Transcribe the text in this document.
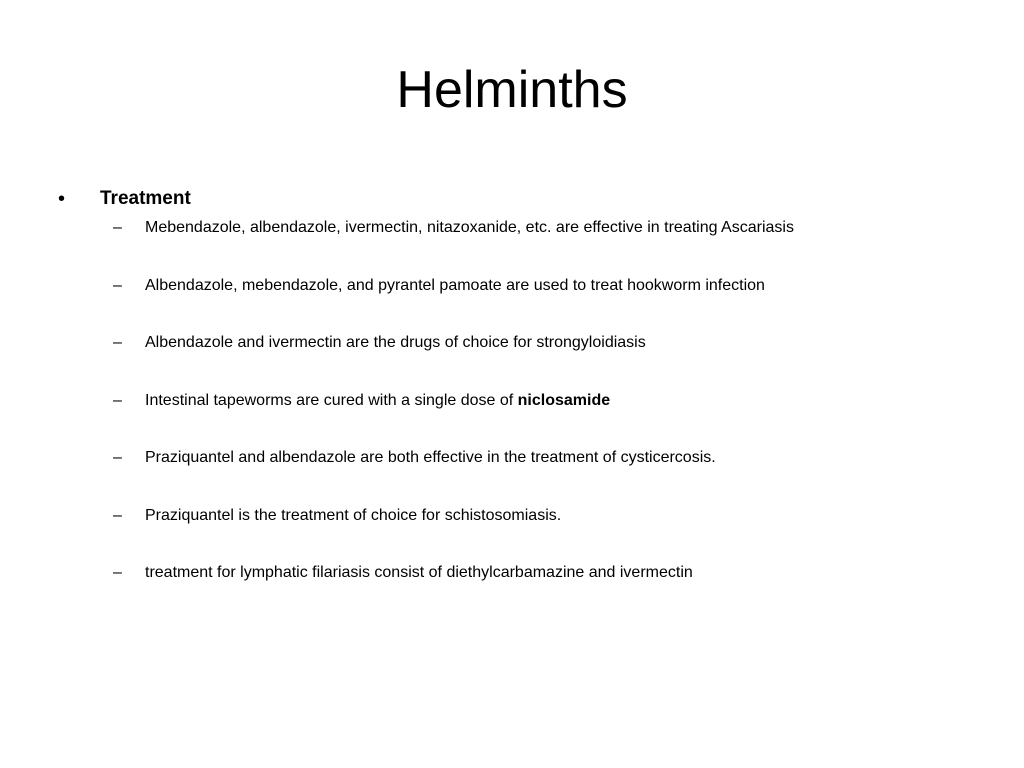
Helminths
•	Treatment
–	Mebendazole, albendazole, ivermectin, nitazoxanide, etc. are effective in treating Ascariasis
–	Albendazole, mebendazole, and pyrantel pamoate are used to treat hookworm infection
–	Albendazole and ivermectin are the drugs of choice for strongyloidiasis
–	Intestinal tapeworms are cured with a single dose of niclosamide
–	Praziquantel and albendazole are both effective in the treatment of cysticercosis.
–	Praziquantel is the treatment of choice for schistosomiasis.
–	treatment for lymphatic filariasis consist of diethylcarbamazine and ivermectin
